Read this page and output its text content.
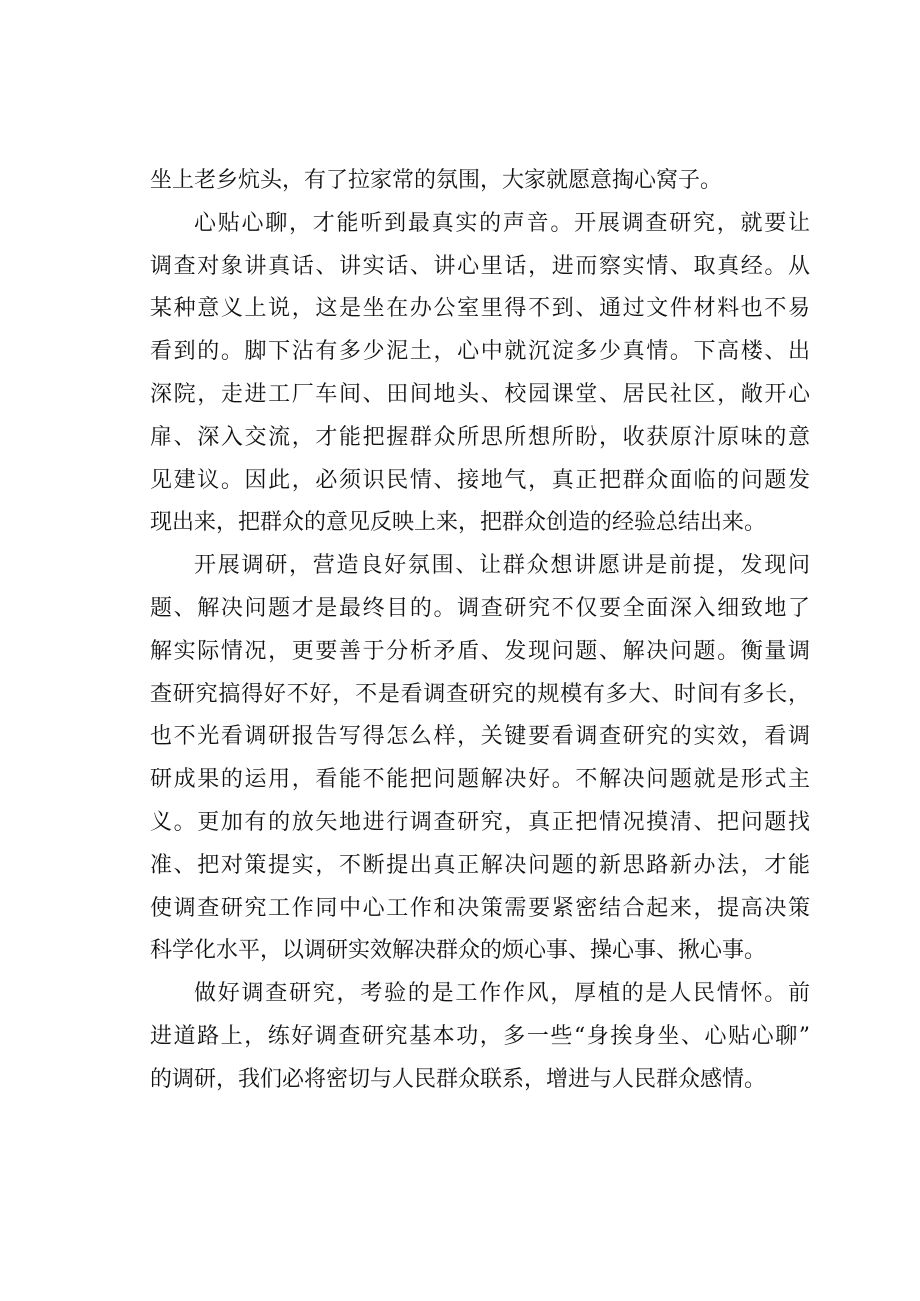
坐上老乡炕头，有了拉家常的氛围，大家就愿意掏心窝子。
心贴心聊，才能听到最真实的声音。开展调查研究，就要让
调查对象讲真话、讲实话、讲心里话，进而察实情、取真经。从
某种意义上说，这是坐在办公室里得不到、通过文件材料也不易
看到的。脚下沾有多少泥土，心中就沉淀多少真情。下高楼、出
深院，走进工厂车间、田间地头、校园课堂、居民社区，敞开心
扉、深入交流，才能把握群众所思所想所盼，收获原汁原味的意
见建议。因此，必须识民情、接地气，真正把群众面临的问题发
现出来，把群众的意见反映上来，把群众创造的经验总结出来。
开展调研，营造良好氛围、让群众想讲愿讲是前提，发现问
题、解决问题才是最终目的。调查研究不仅要全面深入细致地了
解实际情况，更要善于分析矛盾、发现问题、解决问题。衡量调
查研究搞得好不好，不是看调查研究的规模有多大、时间有多长，
也不光看调研报告写得怎么样，关键要看调查研究的实效，看调
研成果的运用，看能不能把问题解决好。不解决问题就是形式主
义。更加有的放矢地进行调查研究，真正把情况摸清、把问题找
准、把对策提实，不断提出真正解决问题的新思路新办法，才能
使调查研究工作同中心工作和决策需要紧密结合起来，提高决策
科学化水平，以调研实效解决群众的烦心事、操心事、揪心事。
做好调查研究，考验的是工作作风，厚植的是人民情怀。前
进道路上，练好调查研究基本功，多一些“身挨身坐、心贴心聊”
的调研，我们必将密切与人民群众联系，增进与人民群众感情。
